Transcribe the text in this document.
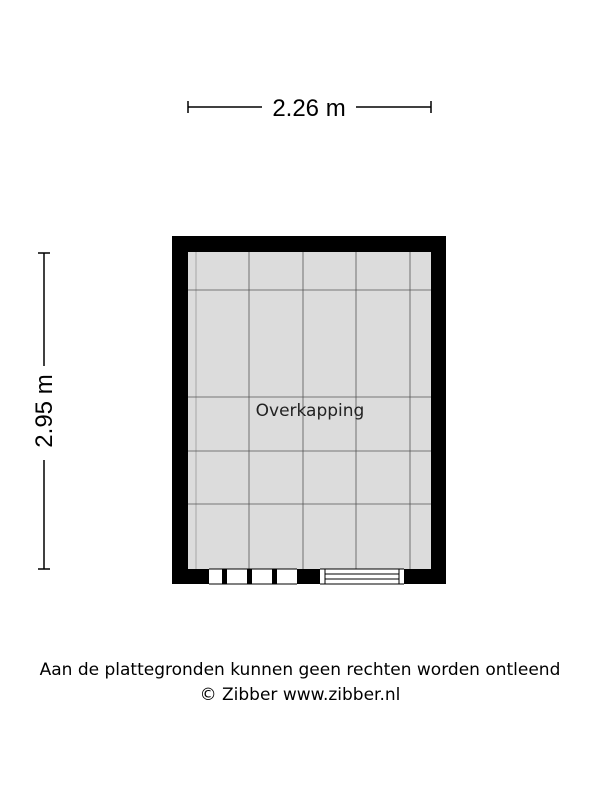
2.26 m
2.95 m	Overkapping
Aan de plattegronden kunnen geen rechten worden ontleend
© Zibber www.zibber.nl
